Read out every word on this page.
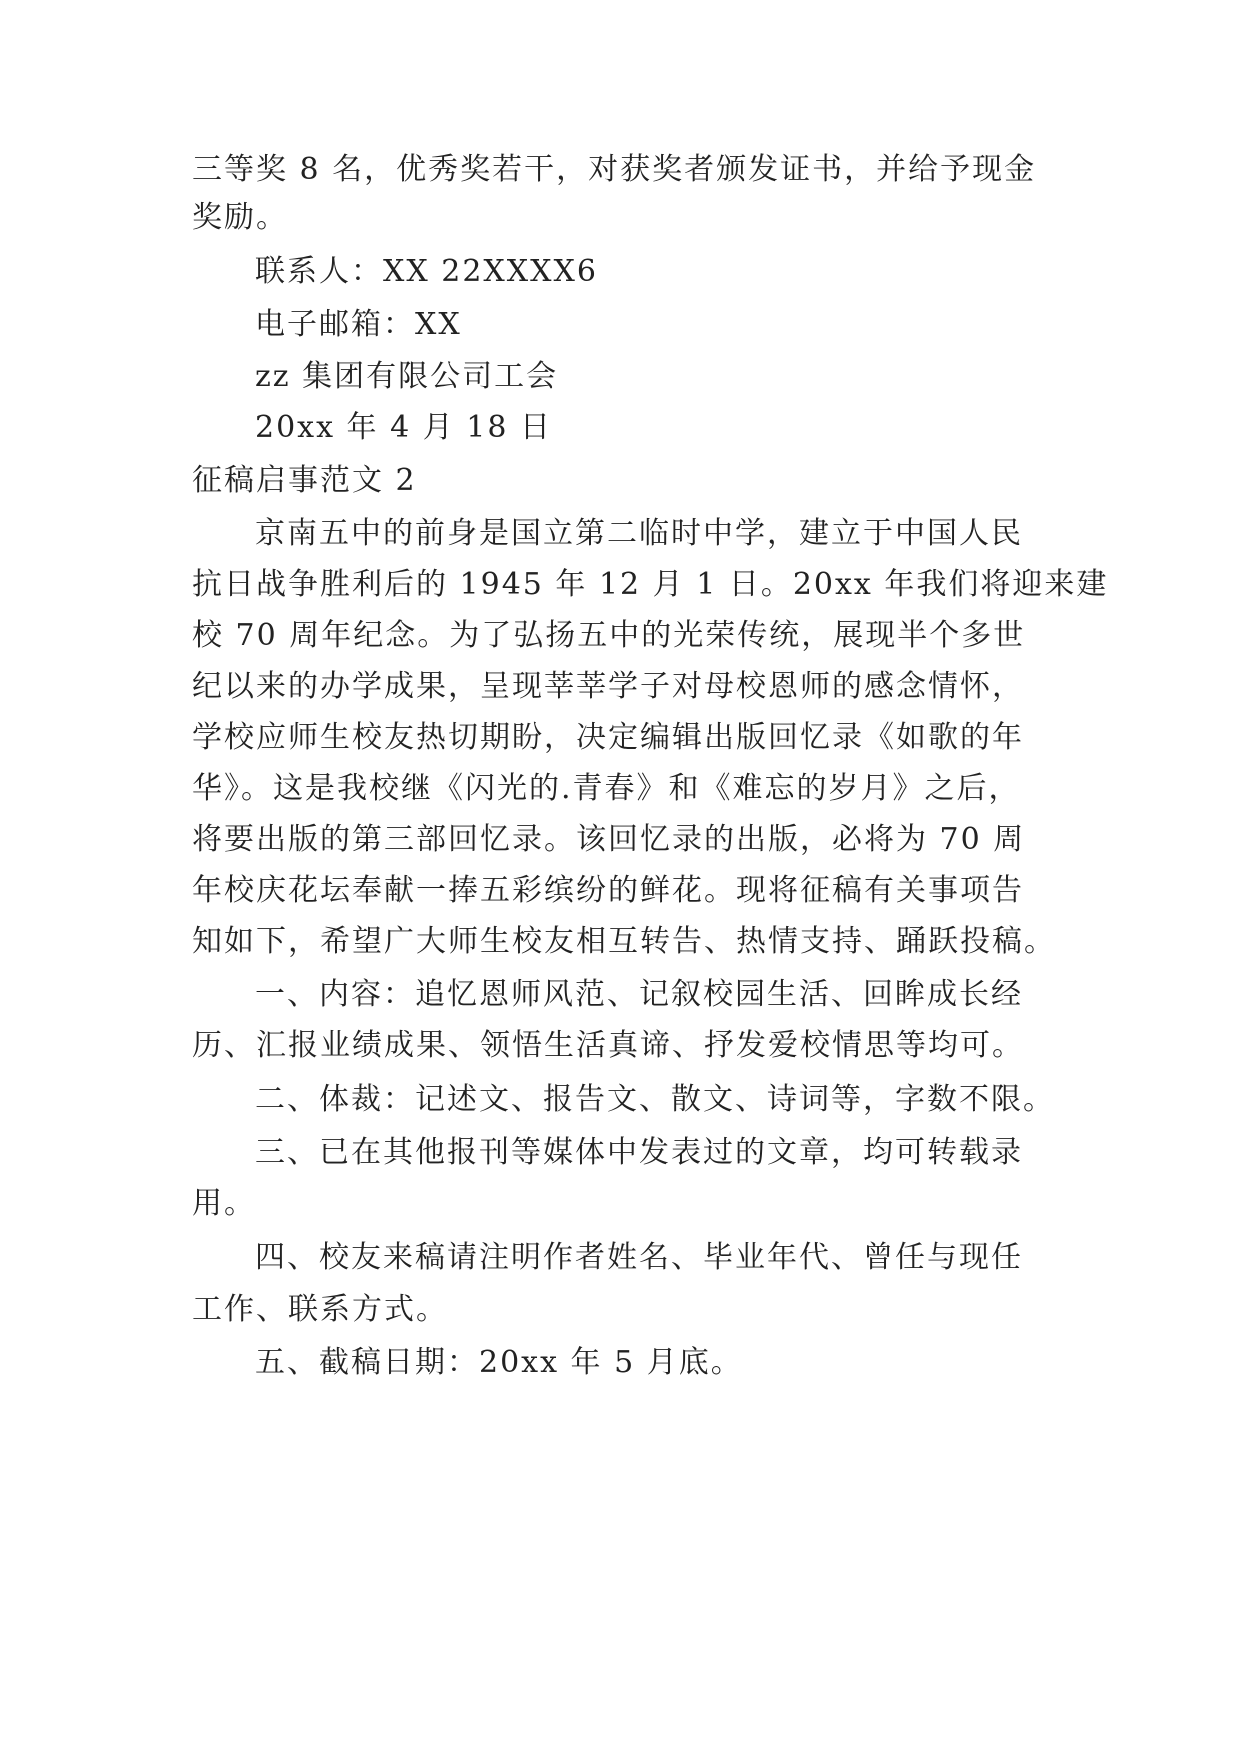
三等奖 8 名，优秀奖若干，对获奖者颁发证书，并给予现金
奖励。
联系人：XX 22XXXX6
电子邮箱：XX
zz 集团有限公司工会
20xx 年 4 月 18 日
征稿启事范文 2
京南五中的前身是国立第二临时中学，建立于中国人民
抗日战争胜利后的 1945 年 12 月 1 日。20xx 年我们将迎来建
校 70 周年纪念。为了弘扬五中的光荣传统，展现半个多世
纪以来的办学成果，呈现莘莘学子对母校恩师的感念情怀，
学校应师生校友热切期盼，决定编辑出版回忆录《如歌的年
华》。这是我校继《闪光的.青春》和《难忘的岁月》之后，
将要出版的第三部回忆录。该回忆录的出版，必将为 70 周
年校庆花坛奉献一捧五彩缤纷的鲜花。现将征稿有关事项告
知如下，希望广大师生校友相互转告、热情支持、踊跃投稿。
一、内容：追忆恩师风范、记叙校园生活、回眸成长经
历、汇报业绩成果、领悟生活真谛、抒发爱校情思等均可。
二、体裁：记述文、报告文、散文、诗词等，字数不限。
三、已在其他报刊等媒体中发表过的文章，均可转载录
用。
四、校友来稿请注明作者姓名、毕业年代、曾任与现任
工作、联系方式。
五、截稿日期：20xx 年 5 月底。
